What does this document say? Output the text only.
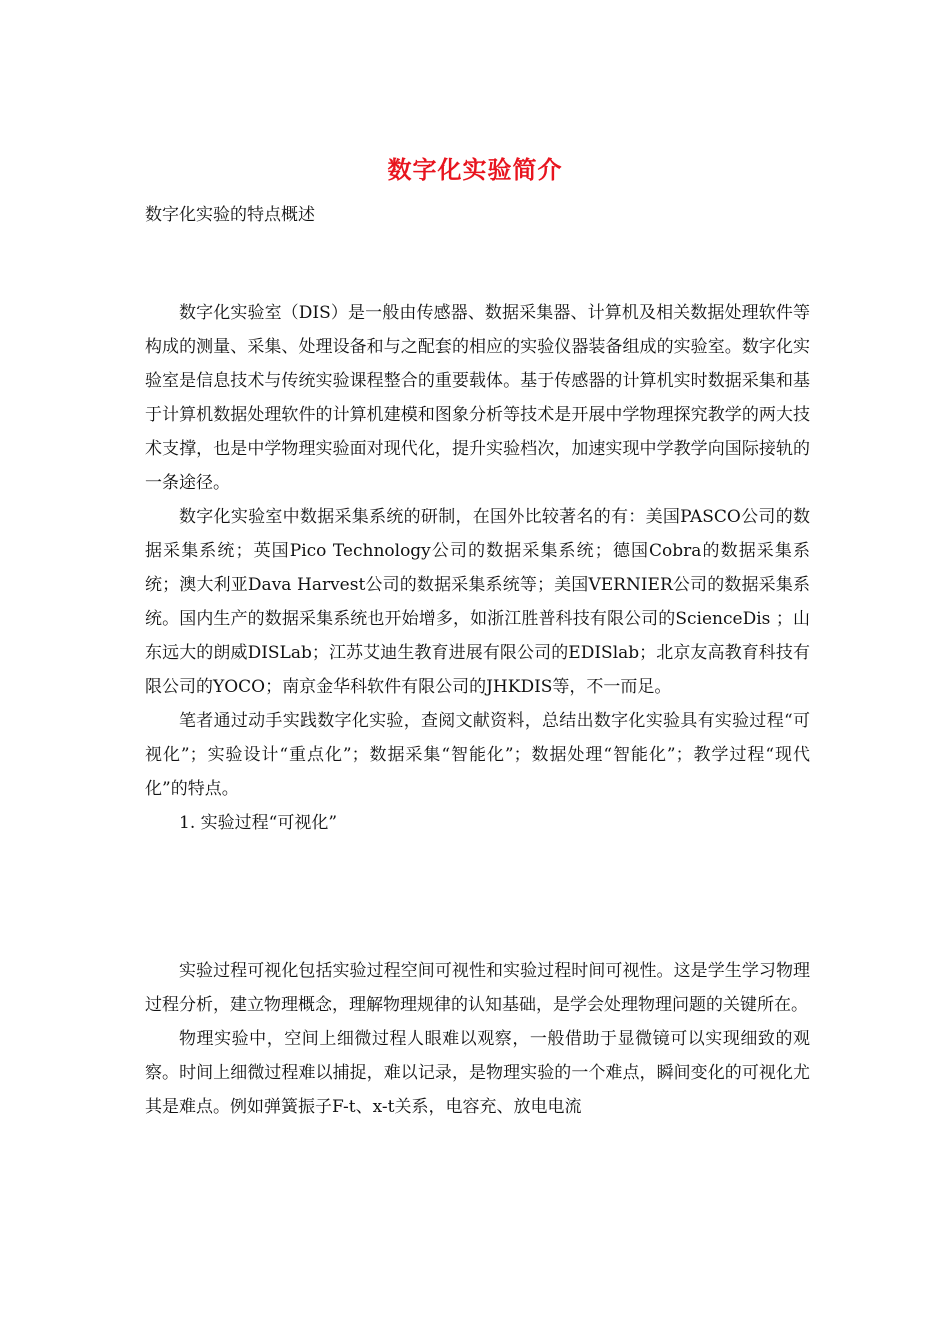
数字化实验简介
数字化实验的特点概述

数字化实验室（DIS）是一般由传感器、数据采集器、计算机及相关数据处理软件等构成的测量、采集、处理设备和与之配套的相应的实验仪器装备组成的实验室。数字化实验室是信息技术与传统实验课程整合的重要载体。基于传感器的计算机实时数据采集和基于计算机数据处理软件的计算机建模和图象分析等技术是开展中学物理探究教学的两大技术支撑，也是中学物理实验面对现代化，提升实验档次，加速实现中学教学向国际接轨的一条途径。

数字化实验室中数据采集系统的研制，在国外比较著名的有：美国PASCO公司的数据采集系统；英国Pico Technology公司的数据采集系统；德国Cobra的数据采集系统；澳大利亚Dava Harvest公司的数据采集系统等；美国VERNIER公司的数据采集系统。国内生产的数据采集系统也开始增多，如浙江胜普科技有限公司的ScienceDis ；山东远大的朗威DISLab；江苏艾迪生教育进展有限公司的EDISlab；北京友高教育科技有限公司的YOCO；南京金华科软件有限公司的JHKDIS等，不一而足。

笔者通过动手实践数字化实验，查阅文献资料，总结出数字化实验具有实验过程“可视化”；实验设计“重点化”；数据采集“智能化”；数据处理“智能化”；教学过程“现代化”的特点。

1. 实验过程“可视化”

实验过程可视化包括实验过程空间可视性和实验过程时间可视性。这是学生学习物理过程分析，建立物理概念，理解物理规律的认知基础，是学会处理物理问题的关键所在。

物理实验中，空间上细微过程人眼难以观察，一般借助于显微镜可以实现细致的观察。时间上细微过程难以捕捉，难以记录，是物理实验的一个难点，瞬间变化的可视化尤其是难点。例如弹簧振子F-t、x-t关系，电容充、放电电流
